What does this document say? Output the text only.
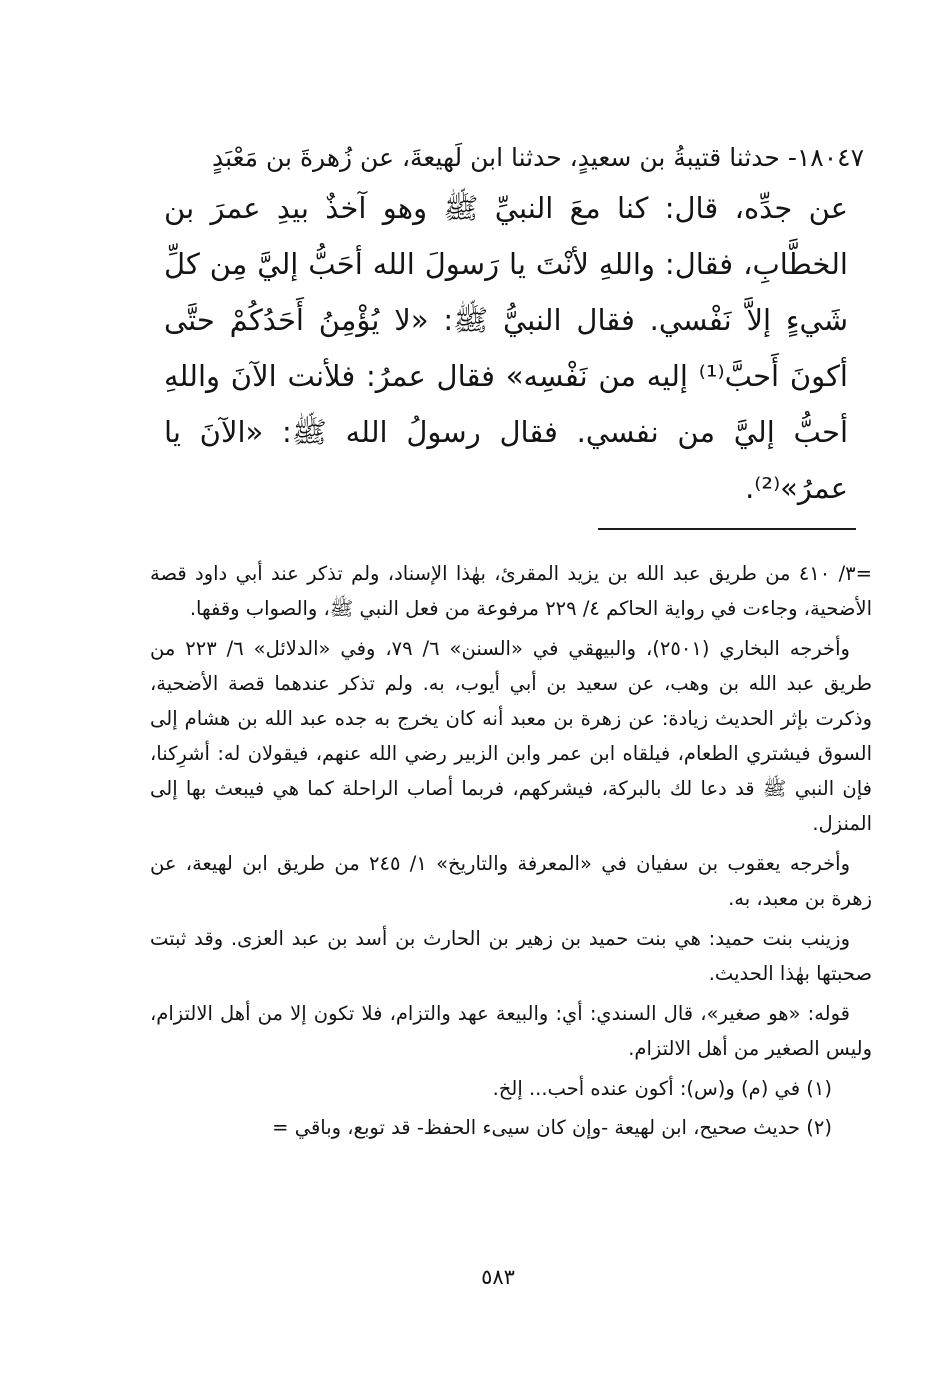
١٨٠٤٧- حدثنا قتيبةُ بن سعيدٍ، حدثنا ابن لَهيعةَ، عن زُهرةَ بن مَعْبَدٍ

عن جدِّه، قال: كنا معَ النبيِّ ﷺ وهو آخذٌ بيدِ عمرَ بن الخطَّابِ، فقال: واللهِ لأنْتَ يا رَسولَ الله أحَبُّ إليَّ مِن كلِّ شَيءٍ إلاَّ نَفْسي. فقال النبيُّ ﷺ: «لا يُؤْمِنُ أَحَدُكُمْ حتَّى أكونَ أَحبَّ⁽¹⁾ إليه من نَفْسِه» فقال عمرُ: فلأنت الآنَ واللهِ أحبُّ إليَّ من نفسي. فقال رسولُ الله ﷺ: «الآنَ يا عمرُ»⁽²⁾.

=٣/ ٤١٠ من طريق عبد الله بن يزيد المقرئ، بهٰذا الإسناد، ولم تذكر عند أبي داود قصة الأضحية، وجاءت في رواية الحاكم ٤/ ٢٢٩ مرفوعة من فعل النبي ﷺ، والصواب وقفها.

وأخرجه البخاري (٢٥٠١)، والبيهقي في «السنن» ٦/ ٧٩، وفي «الدلائل» ٦/ ٢٢٣ من طريق عبد الله بن وهب، عن سعيد بن أبي أيوب، به. ولم تذكر عندهما قصة الأضحية، وذكرت بإثر الحديث زيادة: عن زهرة بن معبد أنه كان يخرج به جده عبد الله بن هشام إلى السوق فيشتري الطعام، فيلقاه ابن عمر وابن الزبير رضي الله عنهم، فيقولان له: أشرِكنا، فإن النبي ﷺ قد دعا لك بالبركة، فيشركهم، فربما أصاب الراحلة كما هي فيبعث بها إلى المنزل.

وأخرجه يعقوب بن سفيان في «المعرفة والتاريخ» ١/ ٢٤٥ من طريق ابن لهيعة، عن زهرة بن معبد، به.

وزينب بنت حميد: هي بنت حميد بن زهير بن الحارث بن أسد بن عبد العزى. وقد ثبتت صحبتها بهٰذا الحديث.

قوله: «هو صغير»، قال السندي: أي: والبيعة عهد والتزام، فلا تكون إلا من أهل الالتزام، وليس الصغير من أهل الالتزام.

(١) في (م) و(س): أكون عنده أحب... إلخ.

(٢) حديث صحيح، ابن لهيعة -وإن كان سيىء الحفظ- قد توبع، وباقي =

٥٨٣
